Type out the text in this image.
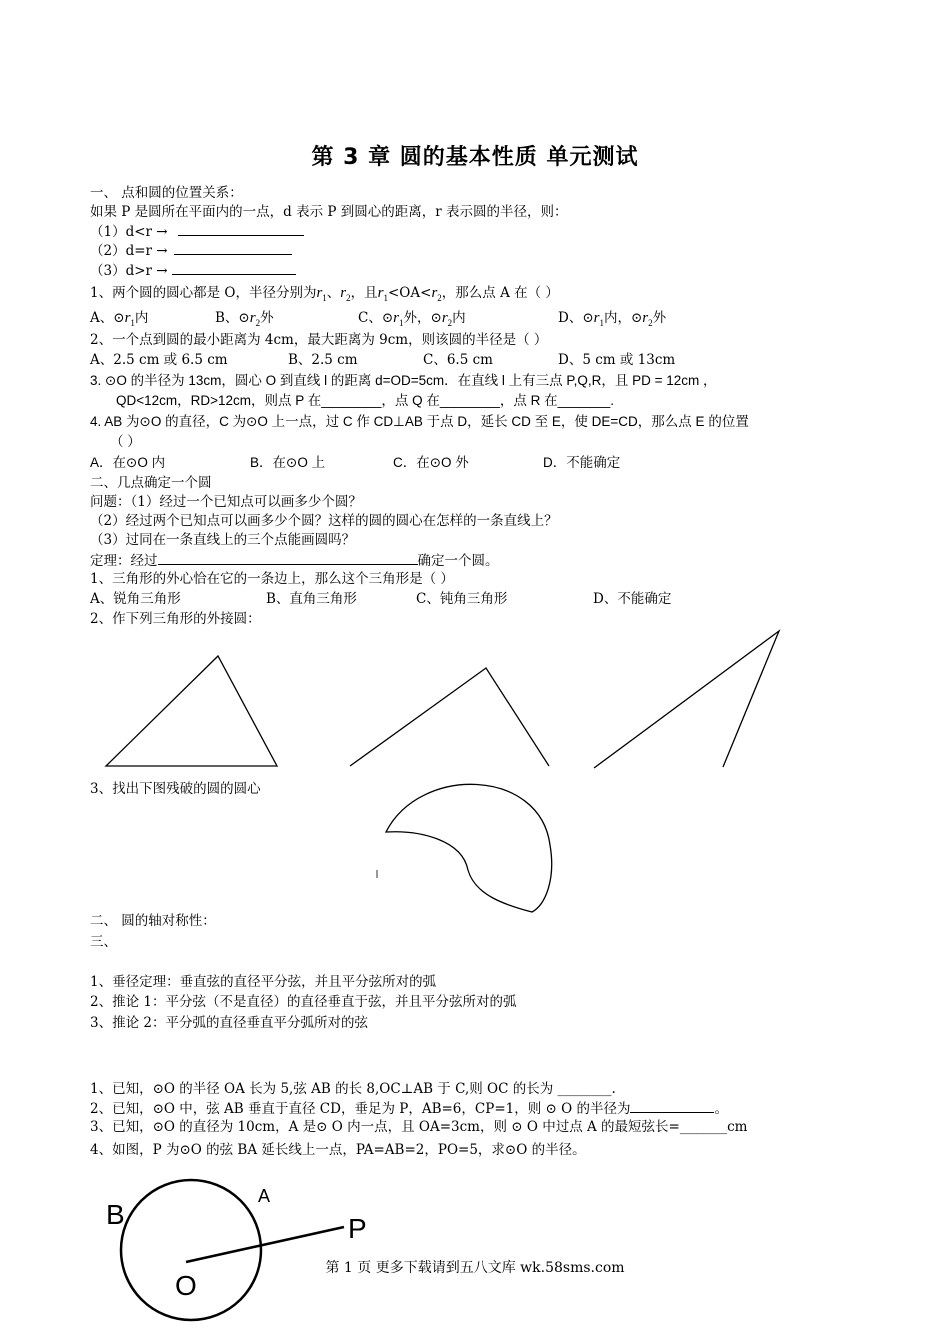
第 3 章 圆的基本性质 单元测试
一、 点和圆的位置关系：
如果 P 是圆所在平面内的一点，d 表示 P 到圆心的距离，r 表示圆的半径，则：
（1）d<r →
（2）d=r →
（3）d>r →
1、两个圆的圆心都是 O，半径分别为$r_1$、$r_2$，且$r_1<OA<r_2$，那么点 A 在（ ）
A、$⊙r_1$内	B、$⊙r_2$外	C、$⊙r_1$外，$⊙r_2$内	D、$⊙r_1$内，$⊙r_2$外
2、一个点到圆的最小距离为 4cm，最大距离为 9cm，则该圆的半径是（ ）
A、2.5 cm 或 6.5 cm	B、2.5 cm	C、6.5 cm	D、5 cm 或 13cm
3. ⊙O 的半径为 13cm，圆心 O 到直线 l 的距离 d=OD=5cm．在直线 l 上有三点 P,Q,R，且 PD = 12cm ，
QD<12cm，RD>12cm，则点 P 在________，点 Q 在________，点 R 在_______.
4. AB 为⊙O 的直径，C 为⊙O 上一点，过 C 作 CD⊥AB 于点 D，延长 CD 至 E，使 DE=CD，那么点 E 的位置
（ ）
A．在⊙O 内	B．在⊙O 上	C．在⊙O 外	D．不能确定
二、几点确定一个圆
问题：（1）经过一个已知点可以画多少个圆？
（2）经过两个已知点可以画多少个圆？这样的圆的圆心在怎样的一条直线上？
（3）过同在一条直线上的三个点能画圆吗？
定理：经过	确定一个圆。
1、三角形的外心恰在它的一条边上，那么这个三角形是（ ）
A、锐角三角形	B、直角三角形	C、钝角三角形	D、不能确定
2、作下列三角形的外接圆：
3、找出下图残破的圆的圆心
二、 圆的轴对称性：
三、
1、垂径定理：垂直弦的直径平分弦，并且平分弦所对的弧
2、推论 1：平分弦（不是直径）的直径垂直于弦，并且平分弦所对的弧
3、推论 2：平分弧的直径垂直平分弧所对的弦
1、已知，⊙O 的半径 OA 长为 5,弦 AB 的长 8,OC⊥AB 于 C,则 OC 的长为 ________.
2、已知，⊙O 中，弦 AB 垂直于直径 CD，垂足为 P，AB=6，CP=1，则 ⊙ O 的半径为	。
3、已知，⊙O 的直径为 10cm，A 是⊙ O 内一点，且 OA=3cm，则 ⊙ O 中过点 A 的最短弦长=_______cm
4、如图，P 为⊙O 的弦 BA 延长线上一点，PA=AB=2，PO=5，求⊙O 的半径。
B
A
P
O
第 1 页 更多下载请到五八文库 wk.58sms.com
